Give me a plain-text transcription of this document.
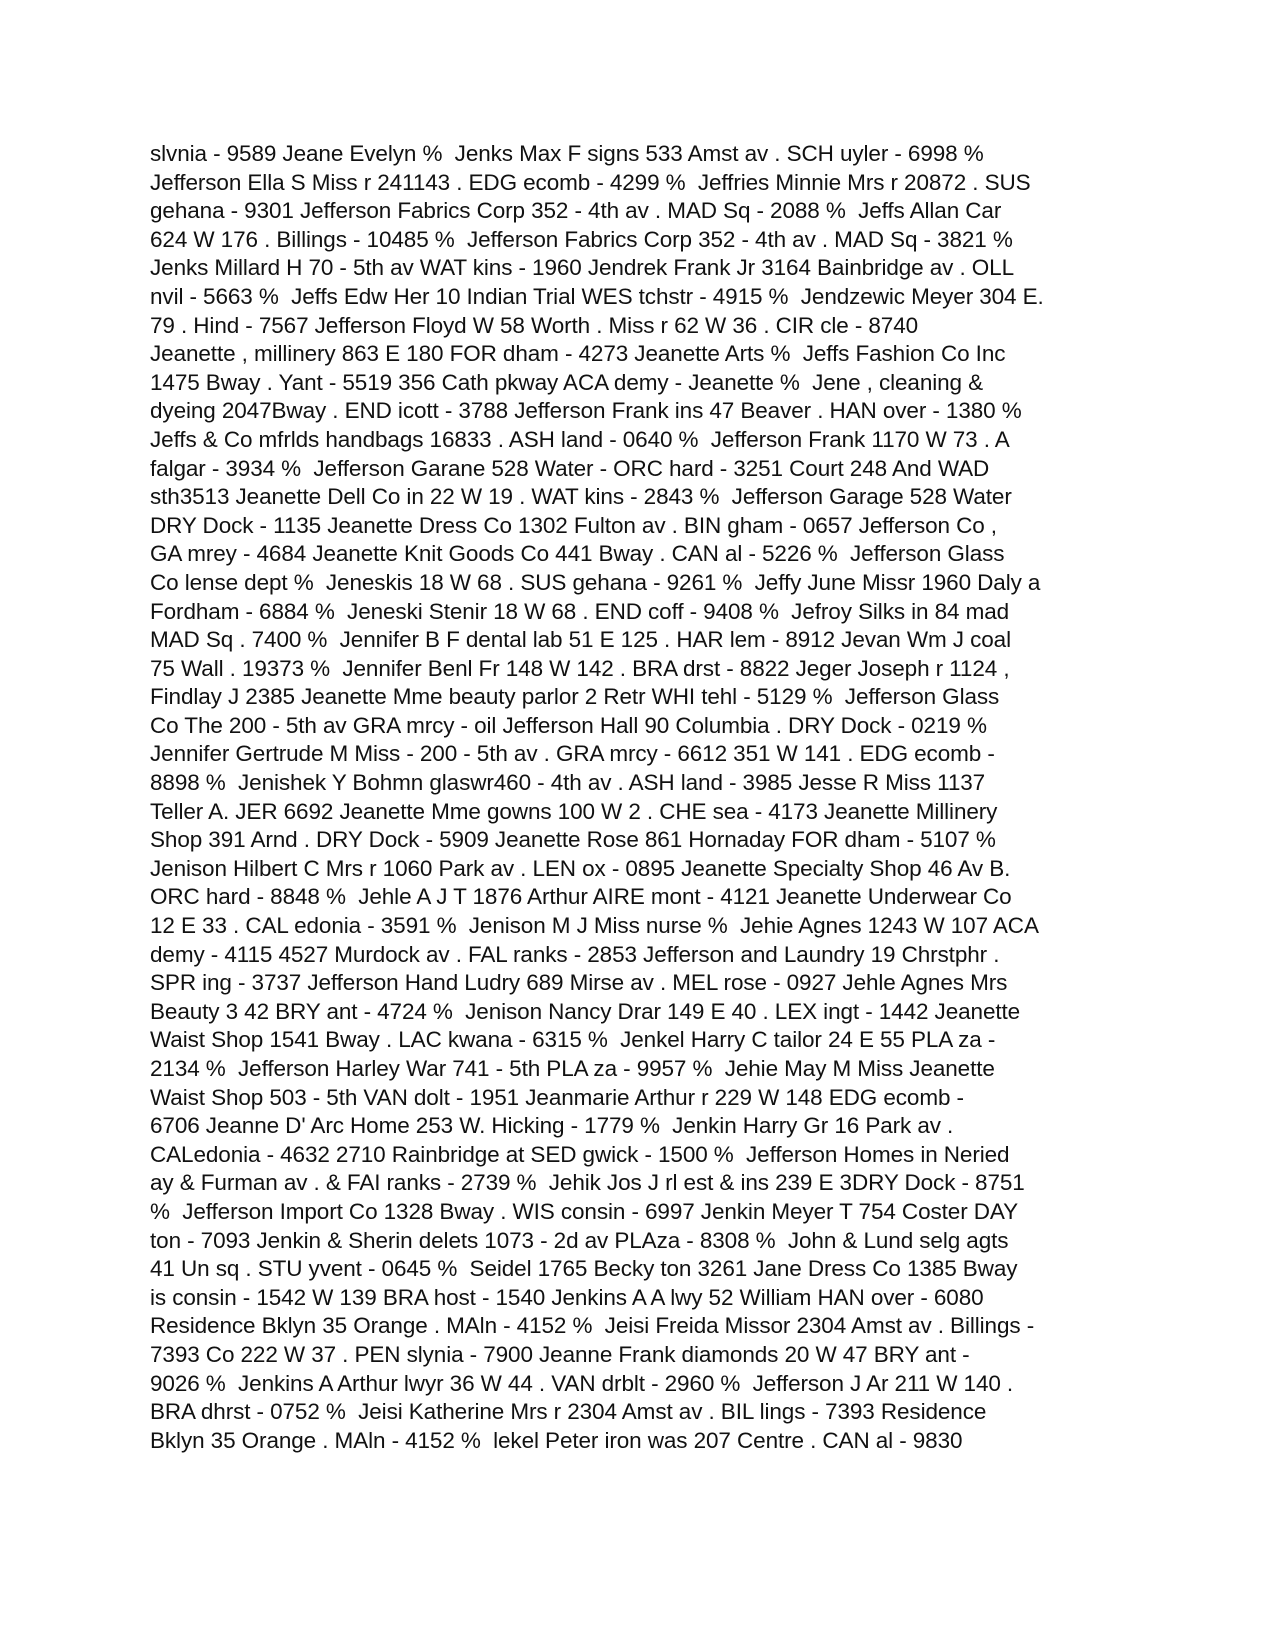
slvnia - 9589 Jeane Evelyn %  Jenks Max F signs 533 Amst av . SCH uyler - 6998 %
Jefferson Ella S Miss r 241143 . EDG ecomb - 4299 %  Jeffries Minnie Mrs r 20872 . SUS
gehana - 9301 Jefferson Fabrics Corp 352 - 4th av . MAD Sq - 2088 %  Jeffs Allan Car
624 W 176 . Billings - 10485 %  Jefferson Fabrics Corp 352 - 4th av . MAD Sq - 3821 %
Jenks Millard H 70 - 5th av WAT kins - 1960 Jendrek Frank Jr 3164 Bainbridge av . OLL
nvil - 5663 %  Jeffs Edw Her 10 Indian Trial WES tchstr - 4915 %  Jendzewic Meyer 304 E.
79 . Hind - 7567 Jefferson Floyd W 58 Worth . Miss r 62 W 36 . CIR cle - 8740
Jeanette , millinery 863 E 180 FOR dham - 4273 Jeanette Arts %  Jeffs Fashion Co Inc
1475 Bway . Yant - 5519 356 Cath pkway ACA demy - Jeanette %  Jene , cleaning &
dyeing 2047Bway . END icott - 3788 Jefferson Frank ins 47 Beaver . HAN over - 1380 %
Jeffs & Co mfrlds handbags 16833 . ASH land - 0640 %  Jefferson Frank 1170 W 73 . A
falgar - 3934 %  Jefferson Garane 528 Water - ORC hard - 3251 Court 248 And WAD
sth3513 Jeanette Dell Co in 22 W 19 . WAT kins - 2843 %  Jefferson Garage 528 Water
DRY Dock - 1135 Jeanette Dress Co 1302 Fulton av . BIN gham - 0657 Jefferson Co ,
GA mrey - 4684 Jeanette Knit Goods Co 441 Bway . CAN al - 5226 %  Jefferson Glass
Co lense dept %  Jeneskis 18 W 68 . SUS gehana - 9261 %  Jeffy June Missr 1960 Daly a
Fordham - 6884 %  Jeneski Stenir 18 W 68 . END coff - 9408 %  Jefroy Silks in 84 mad
MAD Sq . 7400 %  Jennifer B F dental lab 51 E 125 . HAR lem - 8912 Jevan Wm J coal
75 Wall . 19373 %  Jennifer Benl Fr 148 W 142 . BRA drst - 8822 Jeger Joseph r 1124 ,
Findlay J 2385 Jeanette Mme beauty parlor 2 Retr WHI tehl - 5129 %  Jefferson Glass
Co The 200 - 5th av GRA mrcy - oil Jefferson Hall 90 Columbia . DRY Dock - 0219 %
Jennifer Gertrude M Miss - 200 - 5th av . GRA mrcy - 6612 351 W 141 . EDG ecomb -
8898 %  Jenishek Y Bohmn glaswr460 - 4th av . ASH land - 3985 Jesse R Miss 1137
Teller A. JER 6692 Jeanette Mme gowns 100 W 2 . CHE sea - 4173 Jeanette Millinery
Shop 391 Arnd . DRY Dock - 5909 Jeanette Rose 861 Hornaday FOR dham - 5107 %
Jenison Hilbert C Mrs r 1060 Park av . LEN ox - 0895 Jeanette Specialty Shop 46 Av B.
ORC hard - 8848 %  Jehle A J T 1876 Arthur AIRE mont - 4121 Jeanette Underwear Co
12 E 33 . CAL edonia - 3591 %  Jenison M J Miss nurse %  Jehie Agnes 1243 W 107 ACA
demy - 4115 4527 Murdock av . FAL ranks - 2853 Jefferson and Laundry 19 Chrstphr .
SPR ing - 3737 Jefferson Hand Ludry 689 Mirse av . MEL rose - 0927 Jehle Agnes Mrs
Beauty 3 42 BRY ant - 4724 %  Jenison Nancy Drar 149 E 40 . LEX ingt - 1442 Jeanette
Waist Shop 1541 Bway . LAC kwana - 6315 %  Jenkel Harry C tailor 24 E 55 PLA za -
2134 %  Jefferson Harley War 741 - 5th PLA za - 9957 %  Jehie May M Miss Jeanette
Waist Shop 503 - 5th VAN dolt - 1951 Jeanmarie Arthur r 229 W 148 EDG ecomb -
6706 Jeanne D' Arc Home 253 W. Hicking - 1779 %  Jenkin Harry Gr 16 Park av .
CALedonia - 4632 2710 Rainbridge at SED gwick - 1500 %  Jefferson Homes in Neried
ay & Furman av . & FAI ranks - 2739 %  Jehik Jos J rl est & ins 239 E 3DRY Dock - 8751
%  Jefferson Import Co 1328 Bway . WIS consin - 6997 Jenkin Meyer T 754 Coster DAY
ton - 7093 Jenkin & Sherin delets 1073 - 2d av PLAza - 8308 %  John & Lund selg agts
41 Un sq . STU yvent - 0645 %  Seidel 1765 Becky ton 3261 Jane Dress Co 1385 Bway
is consin - 1542 W 139 BRA host - 1540 Jenkins A A lwy 52 William HAN over - 6080
Residence Bklyn 35 Orange . MAln - 4152 %  Jeisi Freida Missor 2304 Amst av . Billings -
7393 Co 222 W 37 . PEN slynia - 7900 Jeanne Frank diamonds 20 W 47 BRY ant -
9026 %  Jenkins A Arthur lwyr 36 W 44 . VAN drblt - 2960 %  Jefferson J Ar 211 W 140 .
BRA dhrst - 0752 %  Jeisi Katherine Mrs r 2304 Amst av . BIL lings - 7393 Residence
Bklyn 35 Orange . MAln - 4152 %  lekel Peter iron was 207 Centre . CAN al - 9830
